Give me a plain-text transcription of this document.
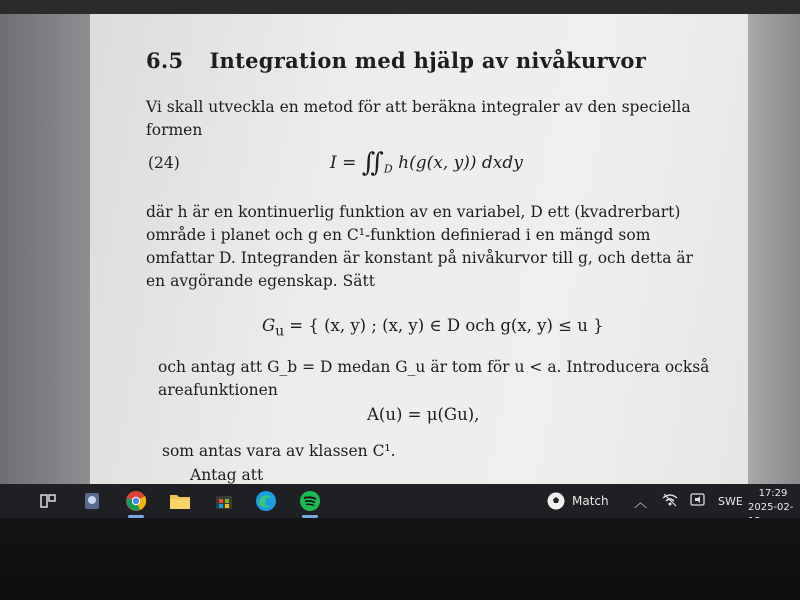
6.5 Integration med hjälp av nivåkurvor
Vi skall utveckla en metod för att beräkna integraler av den speciella formen
(24)	$I = ∬_D$ h(g(x, y)) dxdy
där h är en kontinuerlig funktion av en variabel, D ett (kvadrerbart) område i planet och g en C¹-funktion definierad i en mängd som omfattar D. Integranden är konstant på nivåkurvor till g, och detta är en avgörande egenskap. Sätt
$G_u$ = { (x, y) ; (x, y) ∈ D och g(x, y) ≤ u }
och antag att G_b = D medan G_u är tom för u < a. Introducera också areafunktionen
A(u) = μ(Gu),
som antas vara av klassen C¹.
Antag att
Match ︿	SWE
17:29
2025-02-
